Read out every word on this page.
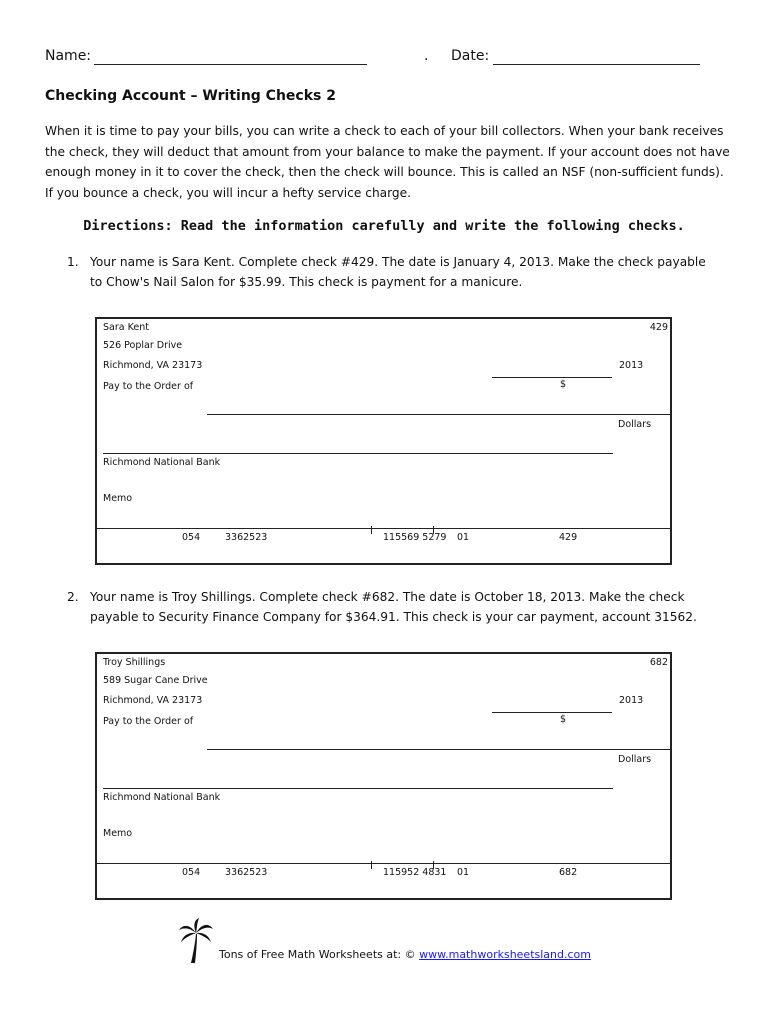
Name:	. Date:
Checking Account – Writing Checks 2
When it is time to pay your bills, you can write a check to each of your bill collectors. When your bank receives the check, they will deduct that amount from your balance to make the payment. If your account does not have enough money in it to cover the check, then the check will bounce. This is called an NSF (non-sufficient funds). If you bounce a check, you will incur a hefty service charge.
Directions: Read the information carefully and write the following checks.
1. Your name is Sara Kent. Complete check #429. The date is January 4, 2013. Make the check payable to Chow's Nail Salon for $35.99. This check is payment for a manicure.
Sara Kent	429
526 Poplar Drive
Richmond, VA 23173	2013
Pay to the Order of	$
Dollars
Richmond National Bank
Memo
054	3362523	115569 5279 01	429
2. Your name is Troy Shillings. Complete check #682. The date is October 18, 2013. Make the check payable to Security Finance Company for $364.91. This check is your car payment, account 31562.
Troy Shillings	682
589 Sugar Cane Drive
Richmond, VA 23173	2013
Pay to the Order of	$
Dollars
Richmond National Bank
Memo
054	3362523	115952 4831 01	682
Tons of Free Math Worksheets at: © www.mathworksheetsland.com
